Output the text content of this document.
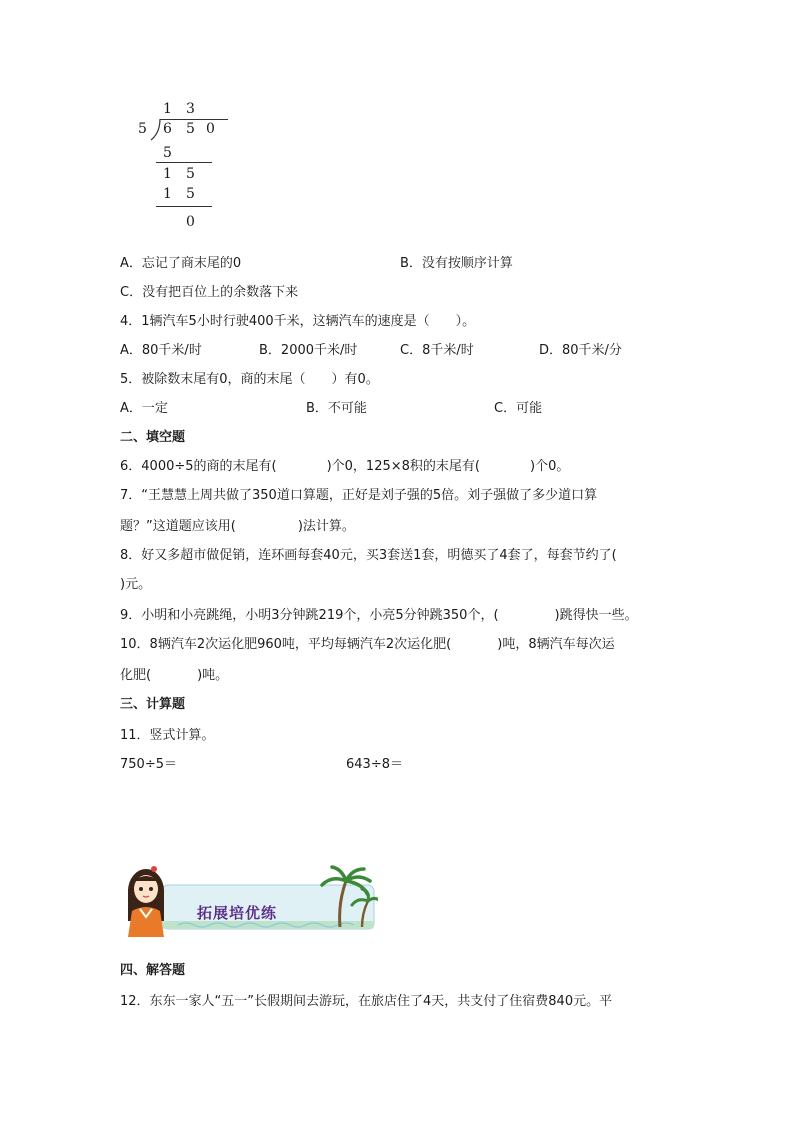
1 3
5 6 5 0
5
1 5
1 5
0
A．忘记了商末尾的0	B．没有按顺序计算
C．没有把百位上的余数落下来
4．1辆汽车5小时行驶400千米，这辆汽车的速度是（ ）。
A．80千米/时	B．2000千米/时	C．8千米/时	D．80千米/分
5．被除数末尾有0，商的末尾（ ）有0。
A．一定	B．不可能	C．可能
二、填空题
6．4000÷5的商的末尾有(	)个0，125×8积的末尾有(	)个0。
7．“王慧慧上周共做了350道口算题，正好是刘子强的5倍。刘子强做了多少道口算
题？”这道题应该用(	)法计算。
8．好又多超市做促销，连环画每套40元，买3套送1套，明德买了4套了，每套节约了(
)元。
9．小明和小亮跳绳，小明3分钟跳219个，小亮5分钟跳350个，(	)跳得快一些。
10．8辆汽车2次运化肥960吨，平均每辆汽车2次运化肥(	)吨，8辆汽车每次运
化肥(	)吨。
三、计算题
11．竖式计算。
750÷5＝	643÷8＝
拓展培优练
四、解答题
12．东东一家人“五一”长假期间去游玩，在旅店住了4天，共支付了住宿费840元。平
